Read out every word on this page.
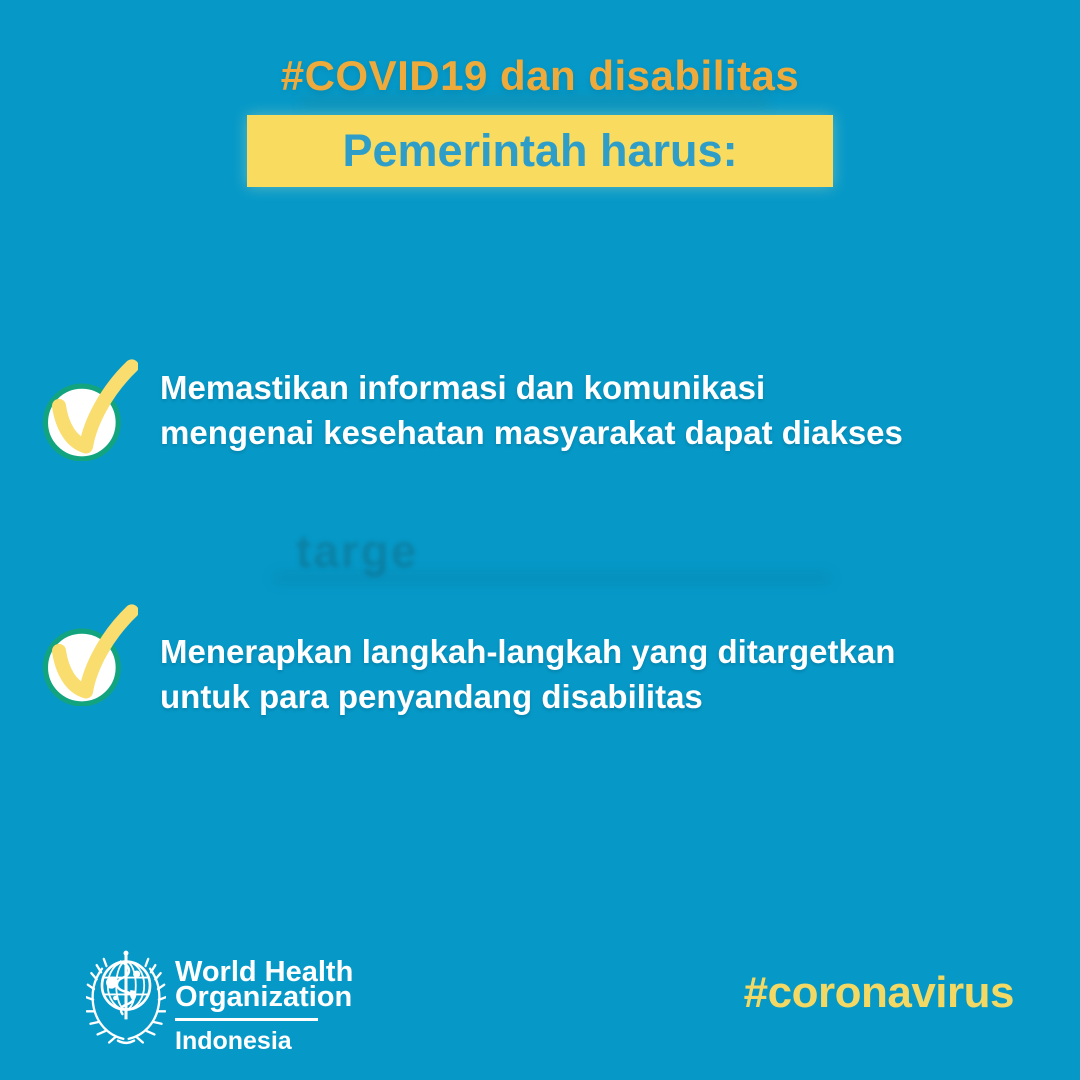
#COVID19 dan disabilitas
Pemerintah harus:
Memastikan informasi dan komunikasi
mengenai kesehatan masyarakat dapat diakses
targe
Menerapkan langkah-langkah yang ditargetkan
untuk para penyandang disabilitas
World Health
Organization
Indonesia
#coronavirus
